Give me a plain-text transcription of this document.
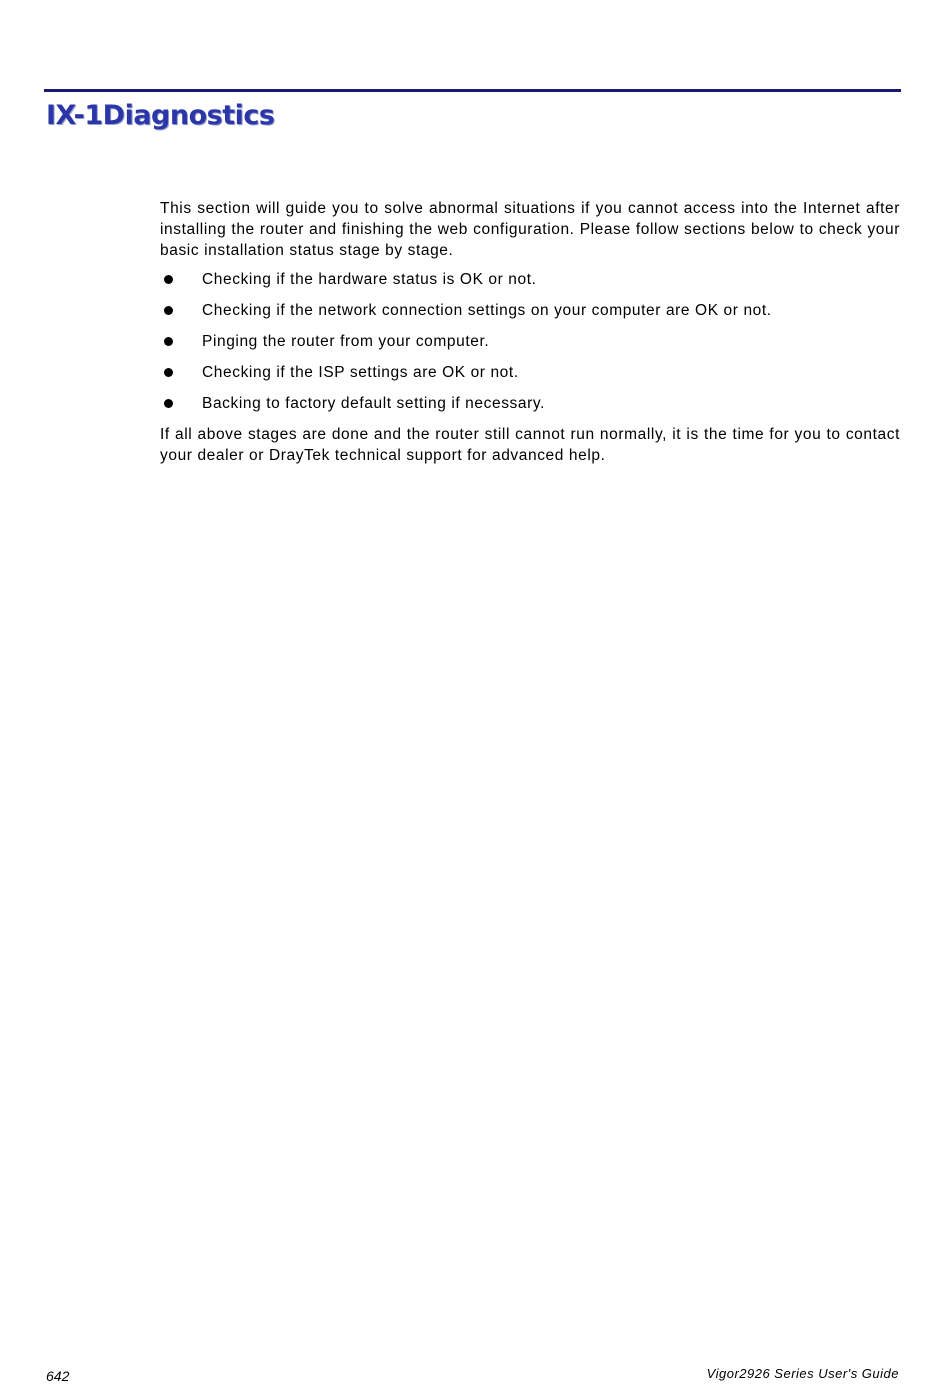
IX-1Diagnostics

This section will guide you to solve abnormal situations if you cannot access into the Internet after installing the router and finishing the web configuration. Please follow sections below to check your basic installation status stage by stage.

Checking if the hardware status is OK or not.
Checking if the network connection settings on your computer are OK or not.
Pinging the router from your computer.
Checking if the ISP settings are OK or not.
Backing to factory default setting if necessary.

If all above stages are done and the router still cannot run normally, it is the time for you to contact your dealer or DrayTek technical support for advanced help.

642	Vigor2926 Series User's Guide
